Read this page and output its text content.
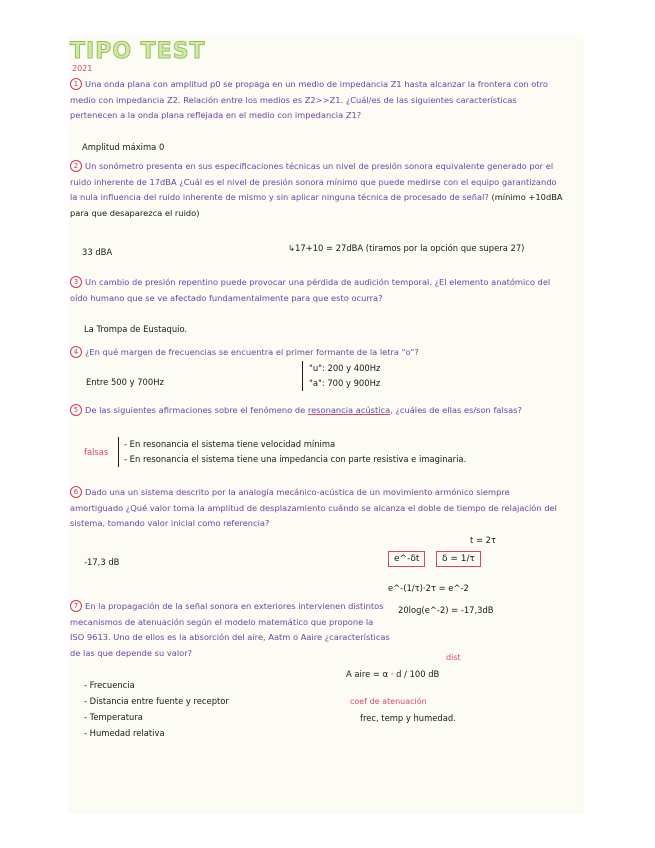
TIPO TEST
2021
1 Una onda plana con amplitud p0 se propaga en un medio de impedancia Z1 hasta alcanzar la frontera con otro medio con impedancia Z2. Relación entre los medios es Z2>>Z1. ¿Cuál/es de las siguientes características pertenecen a la onda plana reflejada en el medio con impedancia Z1?
Amplitud máxima 0
2 Un sonómetro presenta en sus especificaciones técnicas un nivel de presión sonora equivalente generado por el ruido inherente de 17dBA ¿Cuál es el nivel de presión sonora mínimo que puede medirse con el equipo garantizando la nula influencia del ruido inherente de mismo y sin aplicar ninguna técnica de procesado de señal? (mínimo +10dBA para que desaparezca el ruido)
33 dBA	↳17+10 = 27dBA (tiramos por la opción que supera 27)
3 Un cambio de presión repentino puede provocar una pérdida de audición temporal. ¿El elemento anatómico del oído humano que se ve afectado fundamentalmente para que esto ocurra?
La Trompa de Eustaquio.
4 ¿En qué margen de frecuencias se encuentra el primer formante de la letra "o"?
Entre 500 y 700Hz
"u": 200 y 400Hz
"a": 700 y 900Hz
5 De las siguientes afirmaciones sobre el fenómeno de resonancia acústica, ¿cuáles de ellas es/son falsas?
falsas
- En resonancia el sistema tiene velocidad mínima
- En resonancia el sistema tiene una impedancia con parte resistiva e imaginaria.
6 Dado una un sistema descrito por la analogía mecánico-acústica de un movimiento armónico siempre amortiguado ¿Qué valor toma la amplitud de desplazamiento cuándo se alcanza el doble de tiempo de relajación del sistema, tomando valor inicial como referencia?
-17,3 dB
t = 2τ
e^-δt	δ = 1/τ
e^-(1/τ)·2τ = e^-2
7 En la propagación de la señal sonora en exteriores intervienen distintos mecanismos de atenuación según el modelo matemático que propone la ISO 9613. Uno de ellos es la absorción del aire, Aatm o Aaire ¿características de las que depende su valor?
20log(e^-2) = -17,3dB
dist
A aire = α · d / 100 dB
coef de atenuación
frec, temp y humedad.
- Frecuencia
- Distancia entre fuente y receptor
- Temperatura
- Humedad relativa
